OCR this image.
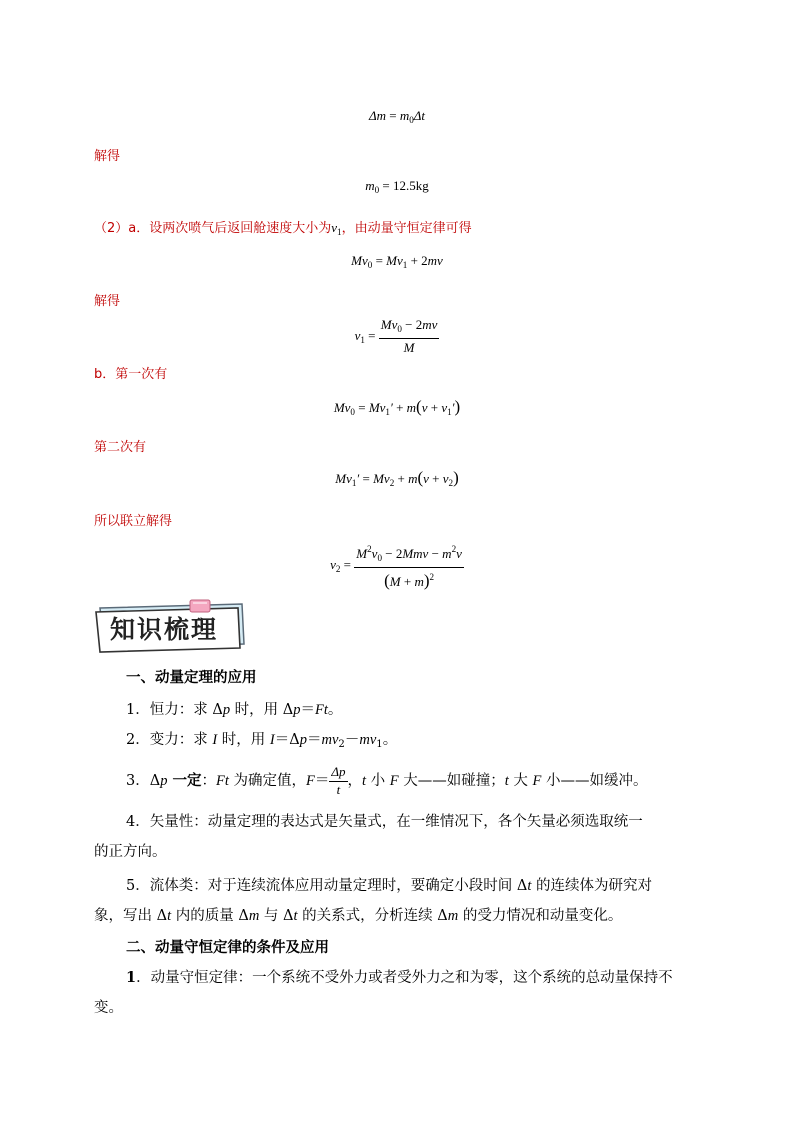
$\Delta m = m_0\Delta t$
解得
$m_0 = 12.5kg$
（2）a．设两次喷气后返回舱速度大小为$v_1$，由动量守恒定律可得
$Mv_0 = Mv_1 + 2mv$
解得
$v_1 = \frac{Mv_0 - 2mv}{M}$
b．第一次有
$Mv_0 = Mv_1' + m(v + v_1')$
第二次有
$Mv_1' = Mv_2 + m(v + v_2)$
所以联立解得
$v_2 = \frac{M^2v_0 - 2Mmv - m^2v}{(M + m)^2}$
知识梳理
一、动量定理的应用
1．恒力：求 Δp 时，用 Δp＝Ft。
2．变力：求 I 时，用 $I=\Delta p=mv_2-mv_1$。
3．Δp 一定：Ft 为确定值，$F= \frac{\Delta p}{t}$ ，t 小 F 大——如碰撞；t 大 F 小——如缓冲。
4．矢量性：动量定理的表达式是矢量式，在一维情况下，各个矢量必须选取统一
的正方向。
5．流体类：对于连续流体应用动量定理时，要确定小段时间 Δt 的连续体为研究对
象，写出 Δt 内的质量 Δm 与 Δt 的关系式，分析连续 Δm 的受力情况和动量变化。
二、动量守恒定律的条件及应用
1．动量守恒定律：一个系统不受外力或者受外力之和为零，这个系统的总动量保持不
变。
